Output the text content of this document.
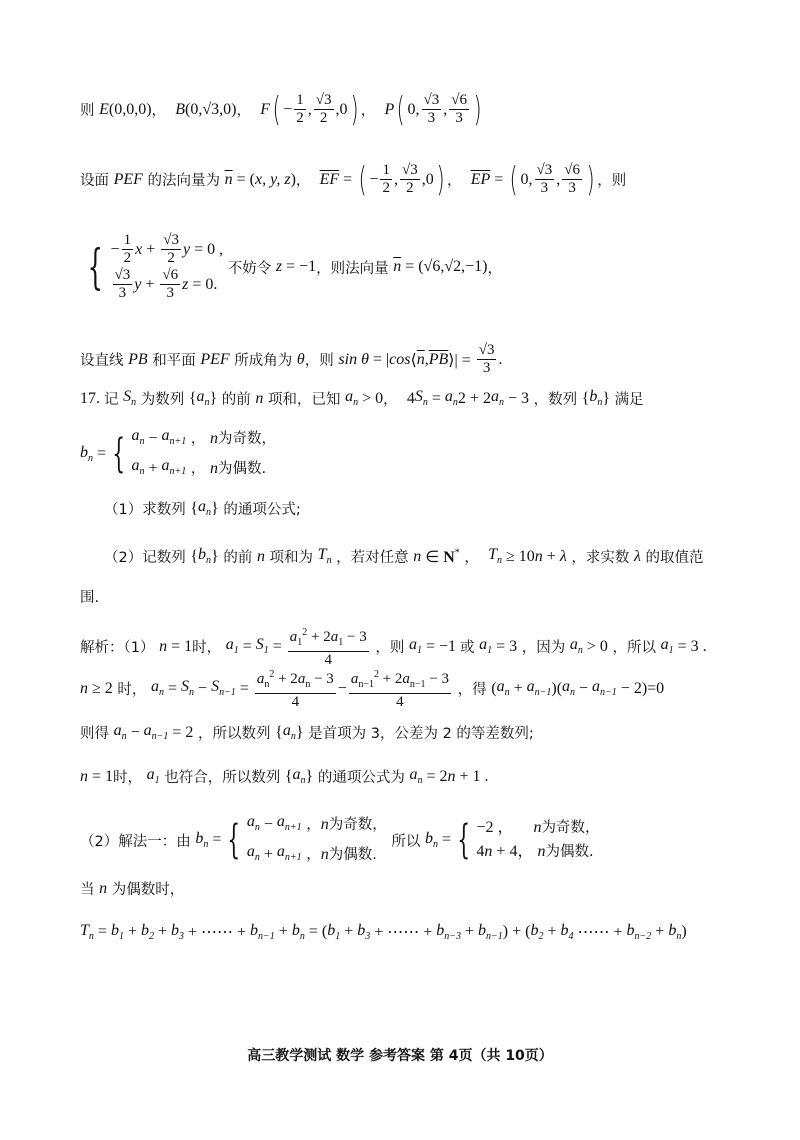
则 E (0,0,0) ， B (0,√3,0) ， F ( − $\frac{1}{2}$ , $\frac{√3}{2} ,0$ ) ， P ( 0, $\frac{√3}{3}$ , $\frac{√6}{3}$ )
设面 PEF 的法向量为 $\overline{n}$ = ( x, y, z ) ， $\overline{EF}$ = ( − $\frac{1}{2}$ , $\frac{√3}{2} ,0$ ) ， $\overline{EP}$ = ( 0, $\frac{√3}{3}$ , $\frac{√6}{3}$ ) ，则
{ − $\frac{1}{2}$ $x + \frac{√3}{2}$ y = 0 ,
$\frac{√3}{3}$ $y + \frac{√6}{3}$ z = 0.
不妨令 z = −1 ，则法向量 $\overline{n} = (√6,√2,-1)$ ，
设直线 PB 和平面 PEF 所成角为 θ ，则 sin θ = | cos ⟨ $\overline{n}$ , $\overline{PB}$ ⟩| = $\frac{√3}{3}$ .
17. 记 $S_n$ 为数列 { $a_n$ } 的前 n 项和，已知 $a_n > 0$ ， 4 $S_n = a_n$ 2 + 2 $a_n - 3$ ，数列 { $b_n$ } 满足
$b_n$ = { $a_n - a_{n+1}$ ， n 为奇数，
$a_n + a_{n+1}$ ， n 为偶数.
（1）求数列 { $a_n$ } 的通项公式;
（2）记数列 { $b_n$ } 的前 n 项和为 $T_n$ ，若对任意 n ∈ N* ， $T_n \ge 10$ n + λ ，求实数 λ 的取值范
围.
解析：（1） n = 1 时， $a_1 = S_1 = \frac{a_1^2 + 2a_1 - 3}{4}$ ，则 $a_1 = -1$ 或 $a_1 = 3$ ，因为 $a_n > 0$ ，所以 $a_1 = 3$ .
n ≥ 2 时， $a_n = S_n - S_{n-1} = \frac{a_n^2 + 2a_n - 3}{4} - \frac{a_{n-1}^2 + 2a_{n-1} - 3}{4}$ ，得 ( $a_n + a_{n-1}$ )( $a_n - a_{n-1} - 2)=0$
则得 $a_n - a_{n-1} = 2$ ，所以数列 { $a_n$ } 是首项为 3，公差为 2 的等差数列;
n = 1 时， $a_1$ 也符合，所以数列 { $a_n$ } 的通项公式为 $a_n = 2$ n + 1 .
（2）解法一：由 $b_n$ = { $a_n - a_{n+1}$ ， n 为奇数，
$a_n + a_{n+1}$ ， n 为偶数.
所以 $b_n$ = { −2 ， n 为奇数，
4 n + 4， n 为偶数.
当 n 为偶数时，
$T_n = b_1 + b_2 + b_3$ + ⋯⋯ + $b_{n-1} + b_n$ = ( $b_1 + b_3$ + ⋯⋯ + $b_{n-3} + b_{n-1}$ ) + ( $b_2 + b_4$ ⋯⋯ + $b_{n-2} + b_n$ )
高三教学测试 数学 参考答案 第 4页（共 10页）
